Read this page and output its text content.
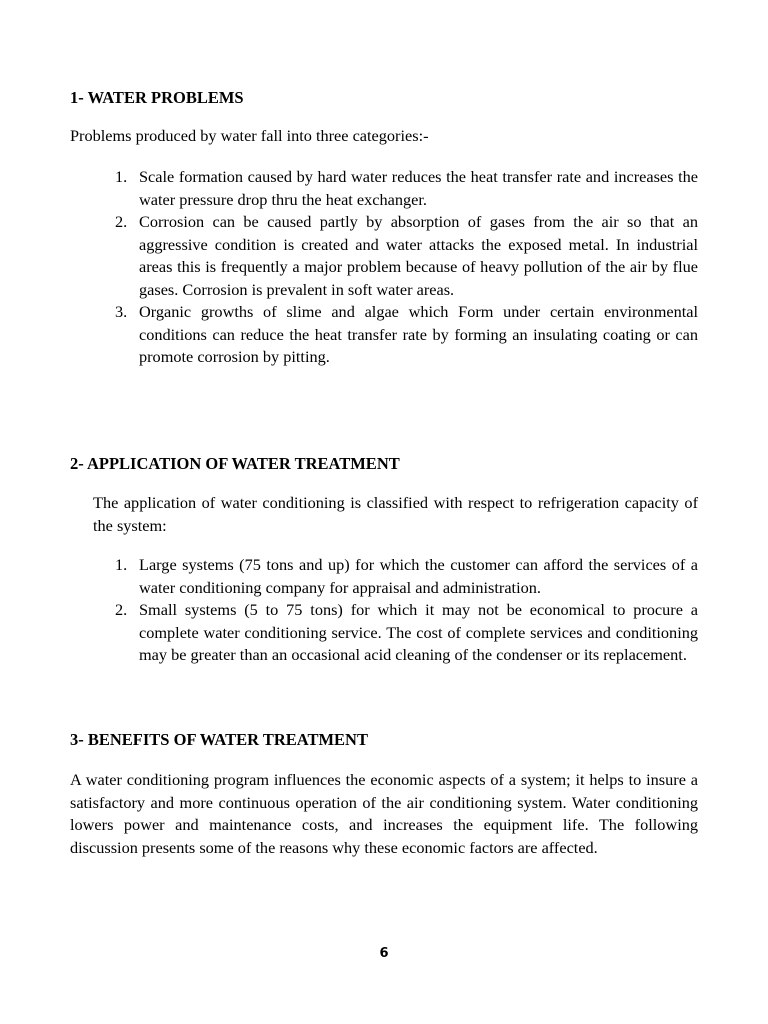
1- WATER PROBLEMS

Problems produced by water fall into three categories:-

1. Scale formation caused by hard water reduces the heat transfer rate and increases the water pressure drop thru the heat exchanger.
2. Corrosion can be caused partly by absorption of gases from the air so that an aggressive condition is created and water attacks the exposed metal. In industrial areas this is frequently a major problem because of heavy pollution of the air by flue gases. Corrosion is prevalent in soft water areas.
3. Organic growths of slime and algae which Form under certain environmental conditions can reduce the heat transfer rate by forming an insulating coating or can promote corrosion by pitting.
2- APPLICATION OF WATER TREATMENT

The application of water conditioning is classified with respect to refrigeration capacity of the system:

1. Large systems (75 tons and up) for which the customer can afford the services of a water conditioning company for appraisal and administration.
2. Small systems (5 to 75 tons) for which it may not be economical to procure a complete water conditioning service. The cost of complete services and conditioning may be greater than an occasional acid cleaning of the condenser or its replacement.
3- BENEFITS OF WATER TREATMENT

A water conditioning program influences the economic aspects of a system; it helps to insure a satisfactory and more continuous operation of the air conditioning system. Water conditioning lowers power and maintenance costs, and increases the equipment life. The following discussion presents some of the reasons why these economic factors are affected.

6
